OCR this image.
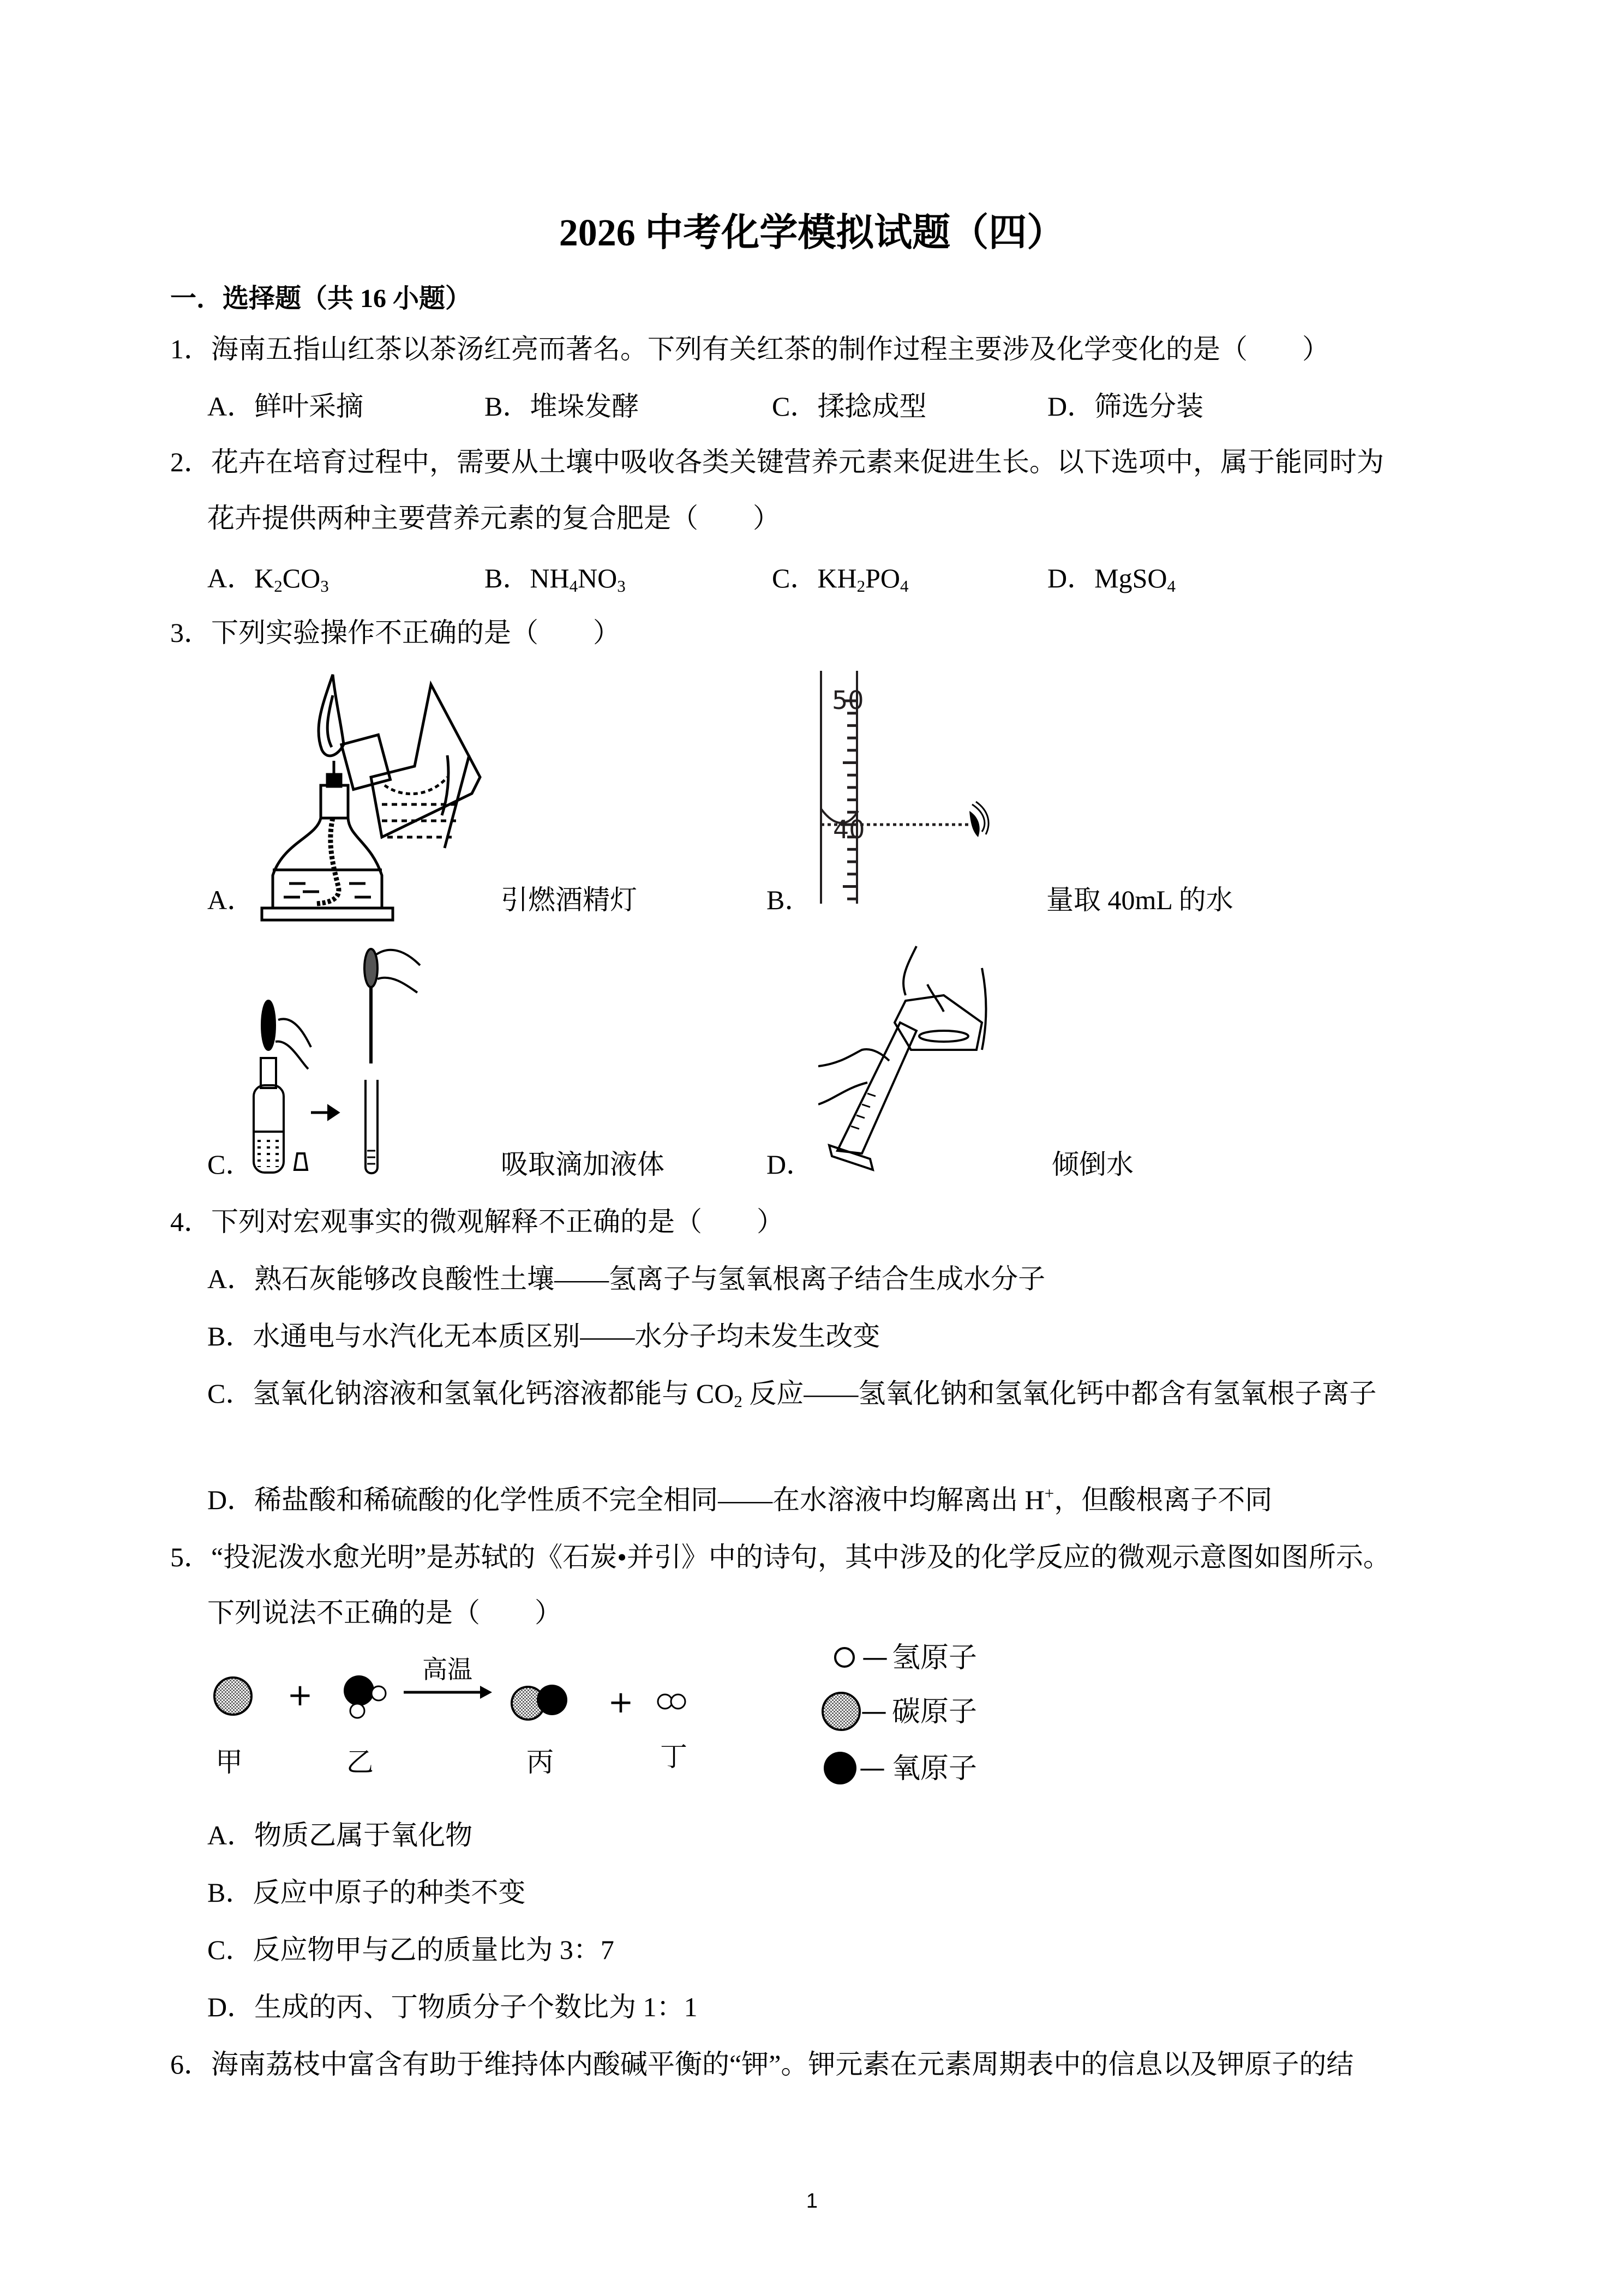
2026 中考化学模拟试题（四）
一．选择题（共 16 小题）
1．海南五指山红茶以茶汤红亮而著名。下列有关红茶的制作过程主要涉及化学变化的是（　　）
A．鲜叶采摘	B．堆垛发酵	C．揉捻成型	D．筛选分装
2．花卉在培育过程中，需要从土壤中吸收各类关键营养元素来促进生长。以下选项中，属于能同时为
花卉提供两种主要营养元素的复合肥是（　　）
A．$K_2CO_3$	B．$NH_4NO_3$	C．$KH_2PO_4$	D．MgSO$_4$
3．下列实验操作不正确的是（　　）
A．	引燃酒精灯	B．
50
40
量取 40mL 的水
C．	吸取滴加液体	D．	倾倒水
4．下列对宏观事实的微观解释不正确的是（　　）
A．熟石灰能够改良酸性土壤——氢离子与氢氧根离子结合生成水分子
B．水通电与水汽化无本质区别——水分子均未发生改变
C．氢氧化钠溶液和氢氧化钙溶液都能与 $CO_2$ 反应——氢氧化钠和氢氧化钙中都含有氢氧根子离子
D．稀盐酸和稀硫酸的化学性质不完全相同——在水溶液中均解离出 H+，但酸根离子不同
5．“投泥泼水愈光明”是苏轼的《石炭•并引》中的诗句，其中涉及的化学反应的微观示意图如图所示。
下列说法不正确的是（　　）
+
高温
+
甲	乙	丙	丁
— 氢原子
— 碳原子
— 氧原子
A．物质乙属于氧化物
B．反应中原子的种类不变
C．反应物甲与乙的质量比为 3：7
D．生成的丙、丁物质分子个数比为 1：1
6．海南荔枝中富含有助于维持体内酸碱平衡的“钾”。钾元素在元素周期表中的信息以及钾原子的结
1
